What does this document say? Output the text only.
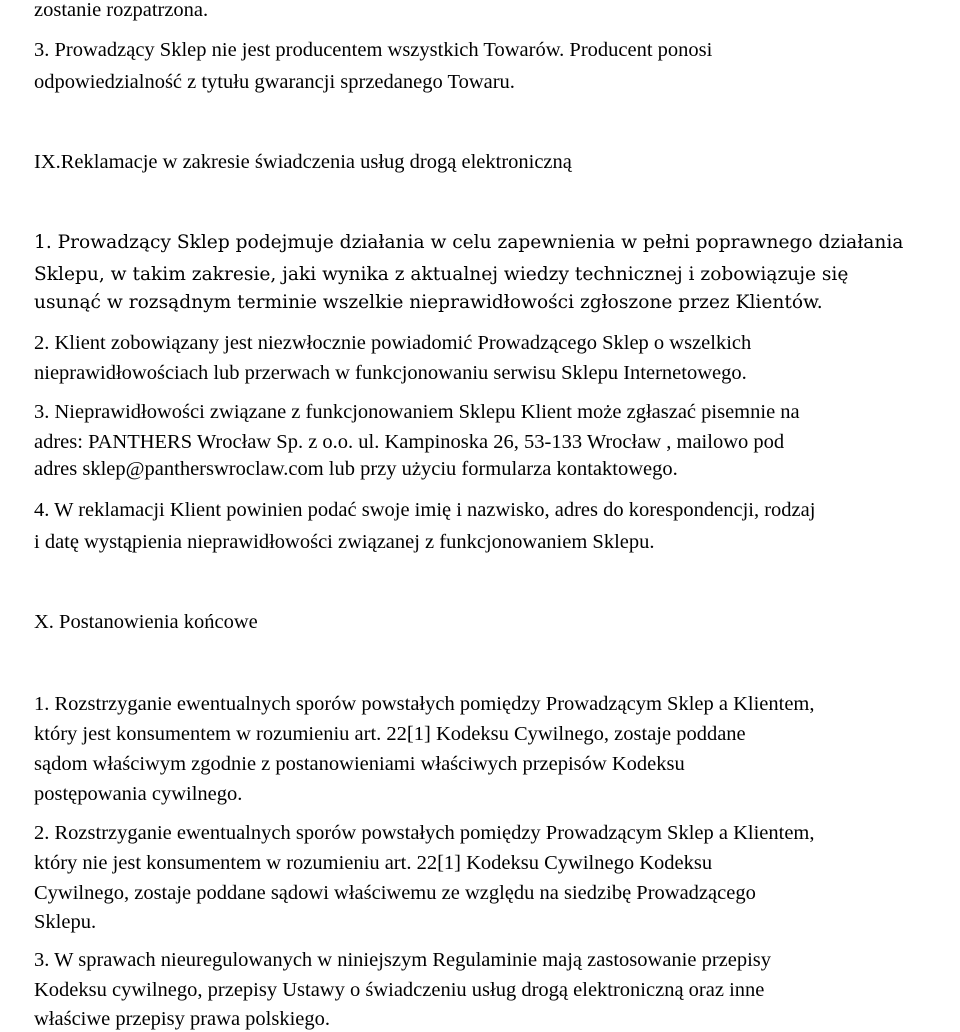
zostanie rozpatrzona.

3. Prowadzący Sklep nie jest producentem wszystkich Towarów. Producent ponosi

odpowiedzialność z tytułu gwarancji sprzedanego Towaru.

IX.Reklamacje w zakresie świadczenia usług drogą elektroniczną

1. Prowadzący Sklep podejmuje działania w celu zapewnienia w pełni poprawnego działania

Sklepu, w takim zakresie, jaki wynika z aktualnej wiedzy technicznej i zobowiązuje się

usunąć w rozsądnym terminie wszelkie nieprawidłowości zgłoszone przez Klientów.

2. Klient zobowiązany jest niezwłocznie powiadomić Prowadzącego Sklep o wszelkich

nieprawidłowościach lub przerwach w funkcjonowaniu serwisu Sklepu Internetowego.

3. Nieprawidłowości związane z funkcjonowaniem Sklepu Klient może zgłaszać pisemnie na

adres: PANTHERS Wrocław Sp. z o.o. ul. Kampinoska 26, 53-133 Wrocław , mailowo pod

adres sklep@pantherswroclaw.com lub przy użyciu formularza kontaktowego.

4. W reklamacji Klient powinien podać swoje imię i nazwisko, adres do korespondencji, rodzaj

i datę wystąpienia nieprawidłowości związanej z funkcjonowaniem Sklepu.

X. Postanowienia końcowe

1. Rozstrzyganie ewentualnych sporów powstałych pomiędzy Prowadzącym Sklep a Klientem,

który jest konsumentem w rozumieniu art. 22[1] Kodeksu Cywilnego, zostaje poddane

sądom właściwym zgodnie z postanowieniami właściwych przepisów Kodeksu

postępowania cywilnego.

2. Rozstrzyganie ewentualnych sporów powstałych pomiędzy Prowadzącym Sklep a Klientem,

który nie jest konsumentem w rozumieniu art. 22[1] Kodeksu Cywilnego Kodeksu

Cywilnego, zostaje poddane sądowi właściwemu ze względu na siedzibę Prowadzącego

Sklepu.

3. W sprawach nieuregulowanych w niniejszym Regulaminie mają zastosowanie przepisy

Kodeksu cywilnego, przepisy Ustawy o świadczeniu usług drogą elektroniczną oraz inne

właściwe przepisy prawa polskiego.
